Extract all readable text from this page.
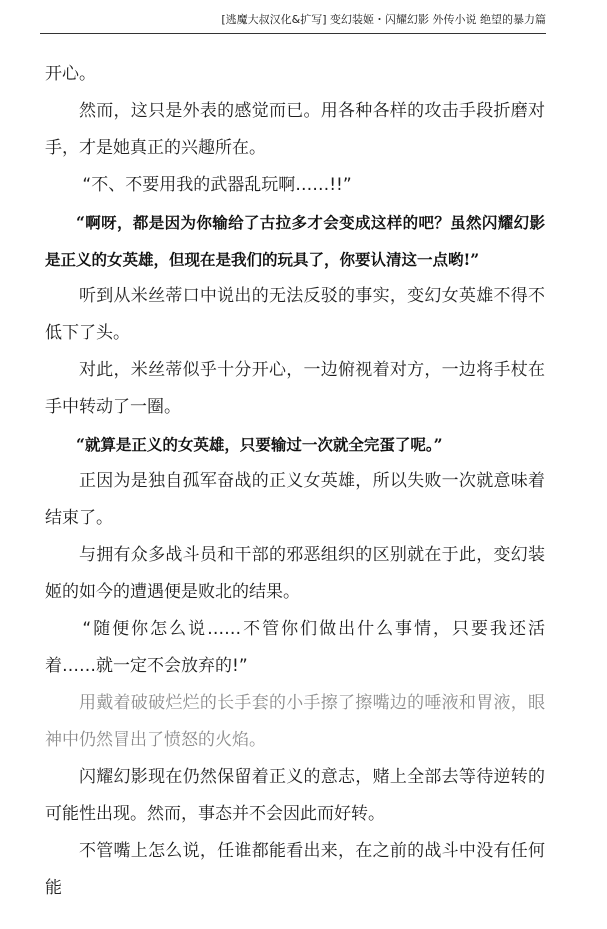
[逃魔大叔汉化&扩写] 变幻装姬・闪耀幻影 外传小说 绝望的暴力篇

开心。

然而，这只是外表的感觉而已。用各种各样的攻击手段折磨对手，才是她真正的兴趣所在。

“不、不要用我的武器乱玩啊……!!”

“啊呀，都是因为你输给了古拉多才会变成这样的吧？虽然闪耀幻影是正义的女英雄，但现在是我们的玩具了，你要认清这一点哟!”

听到从米丝蒂口中说出的无法反驳的事实，变幻女英雄不得不低下了头。

对此，米丝蒂似乎十分开心，一边俯视着对方，一边将手杖在手中转动了一圈。

“就算是正义的女英雄，只要输过一次就全完蛋了呢。”

正因为是独自孤军奋战的正义女英雄，所以失败一次就意味着结束了。

与拥有众多战斗员和干部的邪恶组织的区别就在于此，变幻装姬的如今的遭遇便是败北的结果。

“随便你怎么说……不管你们做出什么事情，只要我还活着……就一定不会放弃的!”

用戴着破破烂烂的长手套的小手擦了擦嘴边的唾液和胃液，眼神中仍然冒出了愤怒的火焰。

闪耀幻影现在仍然保留着正义的意志，赌上全部去等待逆转的可能性出现。然而，事态并不会因此而好转。

不管嘴上怎么说，任谁都能看出来，在之前的战斗中没有任何能
